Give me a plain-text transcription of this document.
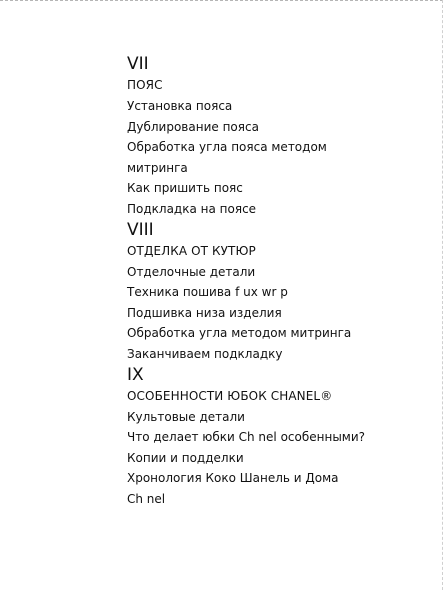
VII
ПОЯС
Установка пояса
Дублирование пояса
Обработка угла пояса методом
митринга
Как пришить пояс
Подкладка на поясе
VIII
ОТДЕЛКА ОТ КУТЮР
Отделочные детали
Техника пошива f ux wr p
Подшивка низа изделия
Обработка угла методом митринга
Заканчиваем подкладку
IX
ОСОБЕННОСТИ ЮБОК CHANEL®
Культовые детали
Что делает юбки Ch nel особенными?
Копии и подделки
Хронология Коко Шанель и Дома
Ch nel
